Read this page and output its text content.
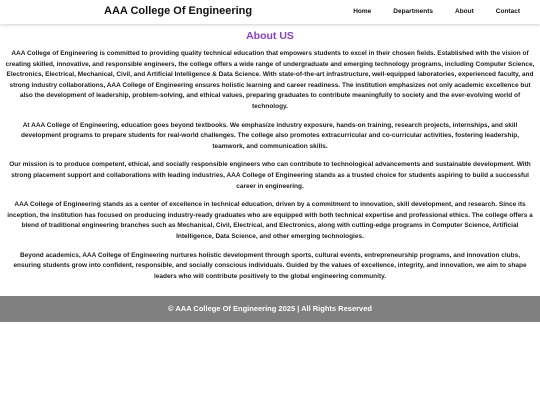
AAA College Of Engineering	Home	Departments	About	Contact
About US

AAA College of Engineering is committed to providing quality technical education that empowers students to excel in their chosen fields. Established with the vision of creating skilled, innovative, and responsible engineers, the college offers a wide range of undergraduate and emerging technology programs, including Computer Science, Electronics, Electrical, Mechanical, Civil, and Artificial Intelligence & Data Science. With state-of-the-art infrastructure, well-equipped laboratories, experienced faculty, and strong industry collaborations, AAA College of Engineering ensures holistic learning and career readiness. The institution emphasizes not only academic excellence but also the development of leadership, problem-solving, and ethical values, preparing graduates to contribute meaningfully to society and the ever-evolving world of technology.

At AAA College of Engineering, education goes beyond textbooks. We emphasize industry exposure, hands-on training, research projects, internships, and skill development programs to prepare students for real-world challenges. The college also promotes extracurricular and co-curricular activities, fostering leadership, teamwork, and communication skills.

Our mission is to produce competent, ethical, and socially responsible engineers who can contribute to technological advancements and sustainable development. With strong placement support and collaborations with leading industries, AAA College of Engineering stands as a trusted choice for students aspiring to build a successful career in engineering.

AAA College of Engineering stands as a center of excellence in technical education, driven by a commitment to innovation, skill development, and research. Since its inception, the institution has focused on producing industry-ready graduates who are equipped with both technical expertise and professional ethics. The college offers a blend of traditional engineering branches such as Mechanical, Civil, Electrical, and Electronics, along with cutting-edge programs in Computer Science, Artificial Intelligence, Data Science, and other emerging technologies.

Beyond academics, AAA College of Engineering nurtures holistic development through sports, cultural events, entrepreneurship programs, and innovation clubs, ensuring students grow into confident, responsible, and socially conscious individuals. Guided by the values of excellence, integrity, and innovation, we aim to shape leaders who will contribute positively to the global engineering community.

© AAA College Of Engineering 2025 | All Rights Reserved
